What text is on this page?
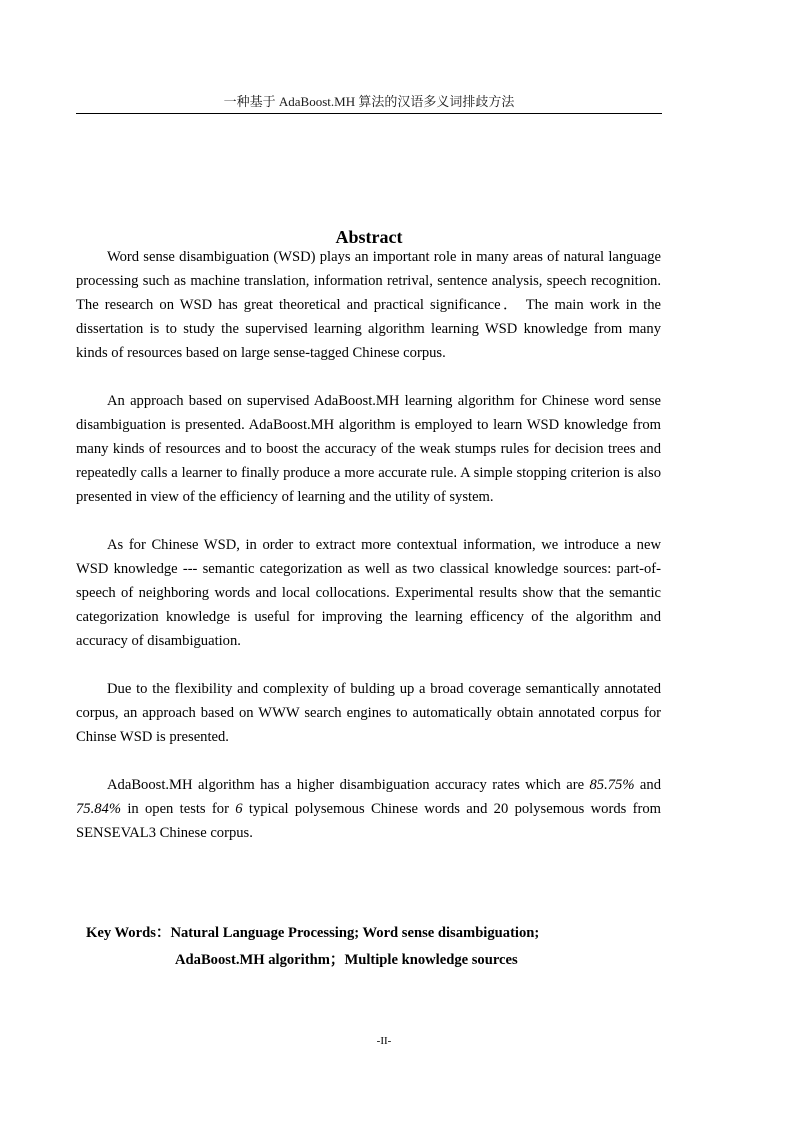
一种基于 AdaBoost.MH 算法的汉语多义词排歧方法
Abstract

Word sense disambiguation (WSD) plays an important role in many areas of natural language processing such as machine translation, information retrival, sentence analysis, speech recognition. The research on WSD has great theoretical and practical significance． The main work in the dissertation is to study the supervised learning algorithm learning WSD knowledge from many kinds of resources based on large sense-tagged Chinese corpus.

An approach based on supervised AdaBoost.MH learning algorithm for Chinese word sense disambiguation is presented. AdaBoost.MH algorithm is employed to learn WSD knowledge from many kinds of resources and to boost the accuracy of the weak stumps rules for decision trees and repeatedly calls a learner to finally produce a more accurate rule. A simple stopping criterion is also presented in view of the efficiency of learning and the utility of system.

As for Chinese WSD, in order to extract more contextual information, we introduce a new WSD knowledge --- semantic categorization as well as two classical knowledge sources: part-of-speech of neighboring words and local collocations. Experimental results show that the semantic categorization knowledge is useful for improving the learning efficency of the algorithm and accuracy of disambiguation.

Due to the flexibility and complexity of bulding up a broad coverage semantically annotated corpus, an approach based on WWW search engines to automatically obtain annotated corpus for Chinse WSD is presented.

AdaBoost.MH algorithm has a higher disambiguation accuracy rates which are 85.75% and 75.84% in open tests for 6 typical polysemous Chinese words and 20 polysemous words from SENSEVAL3 Chinese corpus.

Key Words：Natural Language Processing; Word sense disambiguation;
AdaBoost.MH algorithm；Multiple knowledge sources
-II-
